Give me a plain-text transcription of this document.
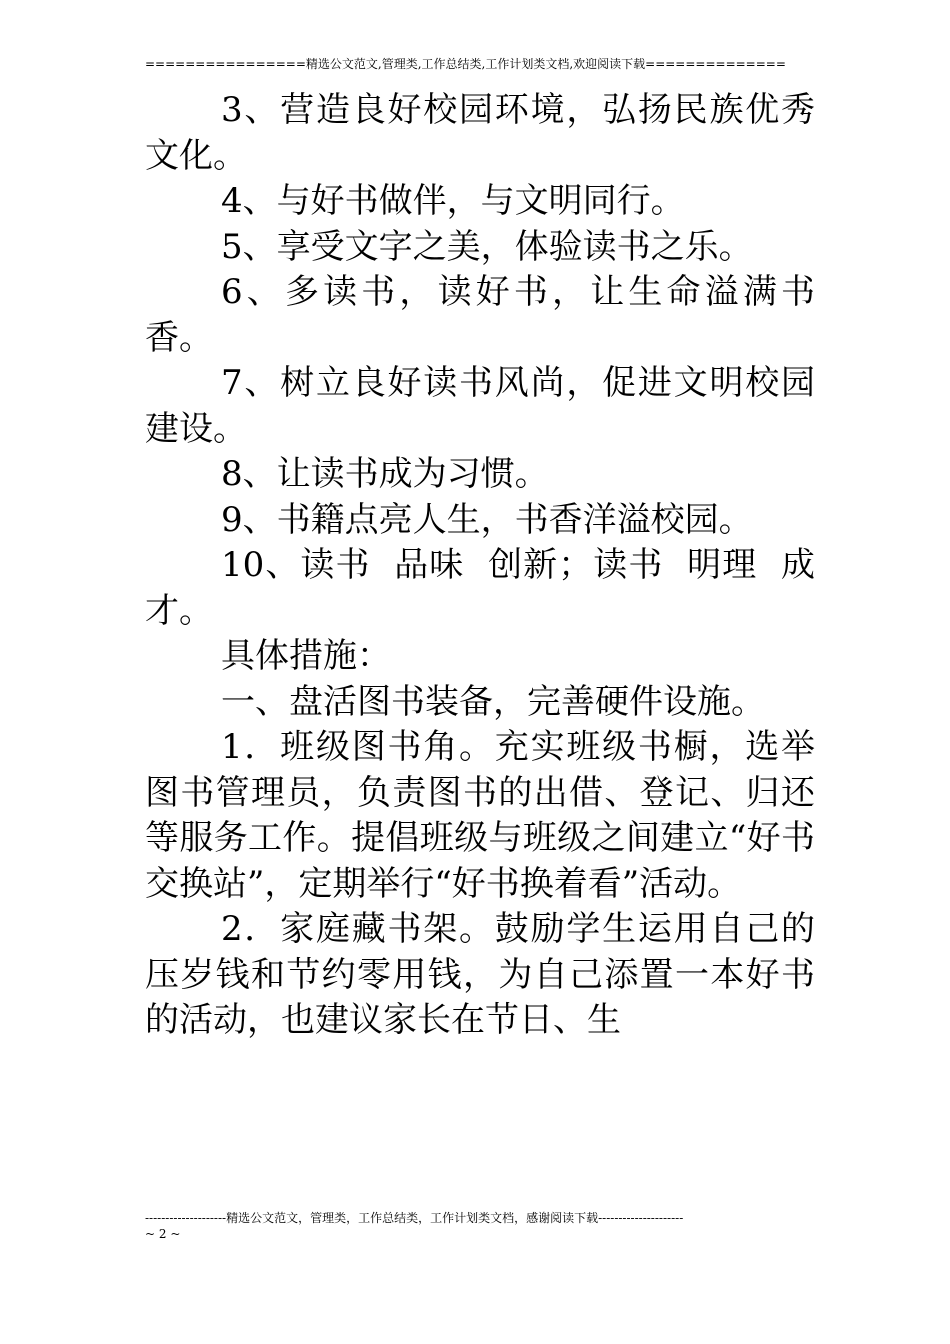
================精选公文范文,管理类,工作总结类,工作计划类文档,欢迎阅读下载==============

3、营造良好校园环境，弘扬民族优秀文化。

4、与好书做伴，与文明同行。

5、享受文字之美，体验读书之乐。

6、多读书，读好书，让生命溢满书香。

7、树立良好读书风尚，促进文明校园建设。

8、让读书成为习惯。

9、书籍点亮人生，书香洋溢校园。

10、读书  品味  创新；读书  明理  成才。

具体措施：

一、盘活图书装备，完善硬件设施。

1．班级图书角。充实班级书橱，选举图书管理员，负责图书的出借、登记、归还等服务工作。提倡班级与班级之间建立“好书交换站”，定期举行“好书换着看”活动。

2．家庭藏书架。鼓励学生运用自己的压岁钱和节约零用钱，为自己添置一本好书的活动，也建议家长在节日、生

--------------------精选公文范文，管理类，工作总结类，工作计划类文档，感谢阅读下载---------------------
~ 2 ~
